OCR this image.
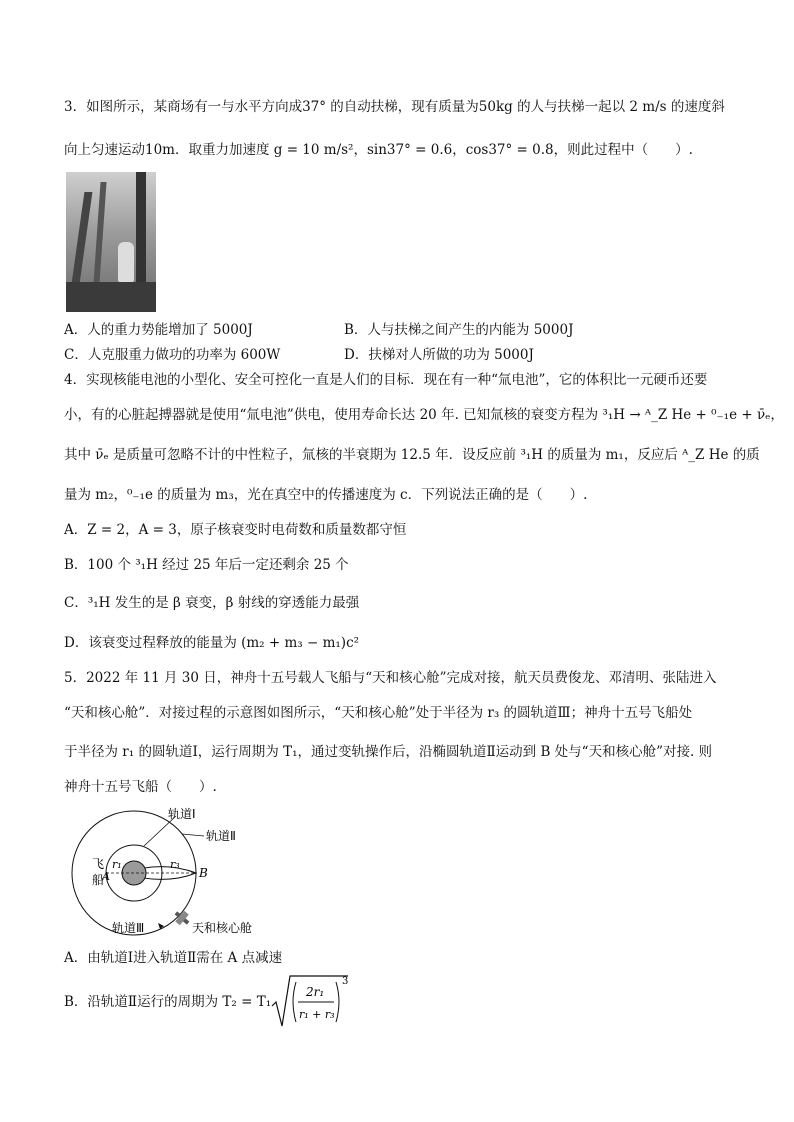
3．如图所示，某商场有一与水平方向成37° 的自动扶梯，现有质量为50kg 的人与扶梯一起以 2 m/s 的速度斜
向上匀速运动10m．取重力加速度 g = 10 m/s²，sin37° = 0.6，cos37° = 0.8，则此过程中（　　）.
A．人的重力势能增加了 5000J	B．人与扶梯之间产生的内能为 5000J
C．人克服重力做功的功率为 600W	D．扶梯对人所做的功为 5000J
4．实现核能电池的小型化、安全可控化一直是人们的目标．现在有一种“氚电池”，它的体积比一元硬币还要
小，有的心脏起搏器就是使用“氚电池”供电，使用寿命长达 20 年. 已知氚核的衰变方程为 ³₁H → ᴬ_Z He + ⁰₋₁e + ν̄ₑ，
其中 ν̄ₑ 是质量可忽略不计的中性粒子，氚核的半衰期为 12.5 年．设反应前 ³₁H 的质量为 m₁，反应后 ᴬ_Z He 的质
量为 m₂，⁰₋₁e 的质量为 m₃，光在真空中的传播速度为 c．下列说法正确的是（　　）.
A．Z = 2，A = 3，原子核衰变时电荷数和质量数都守恒
B．100 个 ³₁H 经过 25 年后一定还剩余 25 个
C．³₁H 发生的是 β 衰变，β 射线的穿透能力最强
D．该衰变过程释放的能量为 (m₂ + m₃ − m₁)c²
5．2022 年 11 月 30 日，神舟十五号载人飞船与“天和核心舱”完成对接，航天员费俊龙、邓清明、张陆进入
“天和核心舱”．对接过程的示意图如图所示，“天和核心舱”处于半径为 r₃ 的圆轨道Ⅲ；神舟十五号飞船处
于半径为 r₁ 的圆轨道Ⅰ，运行周期为 T₁，通过变轨操作后，沿椭圆轨道Ⅱ运动到 B 处与“天和核心舱”对接. 则
神舟十五号飞船（　　）.
轨道Ⅰ
轨道Ⅱ
轨道Ⅲ
飞
船
A	B
r₁	r₃
天和核心舱
A．由轨道Ⅰ进入轨道Ⅱ需在 A 点减速
B．沿轨道Ⅱ运行的周期为 T₂ = T₁
2r₁
r₁ + r₃
3
